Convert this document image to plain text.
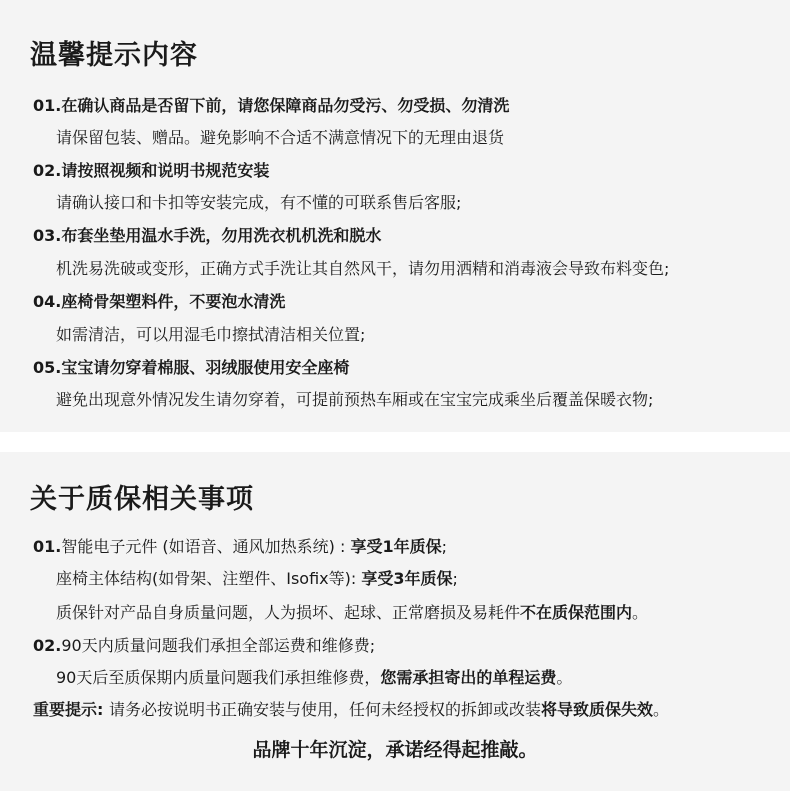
温馨提示内容
01.在确认商品是否留下前，请您保障商品勿受污、勿受损、勿清洗
请保留包装、赠品。避免影响不合适不满意情况下的无理由退货
02.请按照视频和说明书规范安装
请确认接口和卡扣等安装完成，有不懂的可联系售后客服;
03.布套坐垫用温水手洗，勿用洗衣机机洗和脱水
机洗易洗破或变形，正确方式手洗让其自然风干，请勿用洒精和消毒液会导致布料变色;
04.座椅骨架塑料件，不要泡水清洗
如需清洁，可以用湿毛巾擦拭清洁相关位置;
05.宝宝请勿穿着棉服、羽绒服使用安全座椅
避免出现意外情况发生请勿穿着，可提前预热车厢或在宝宝完成乘坐后覆盖保暖衣物;
关于质保相关事项
01.智能电子元件 (如语音、通风加热系统) : 享受1年质保;
座椅主体结构(如骨架、注塑件、Isofix等): 享受3年质保;
质保针对产品自身质量问题，人为损坏、起球、正常磨损及易耗件不在质保范围内。
02.90天内质量问题我们承担全部运费和维修费;
90天后至质保期内质量问题我们承担维修费，您需承担寄出的单程运费。
重要提示: 请务必按说明书正确安装与使用，任何未经授权的拆卸或改装将导致质保失效。
品牌十年沉淀，承诺经得起推敲。
